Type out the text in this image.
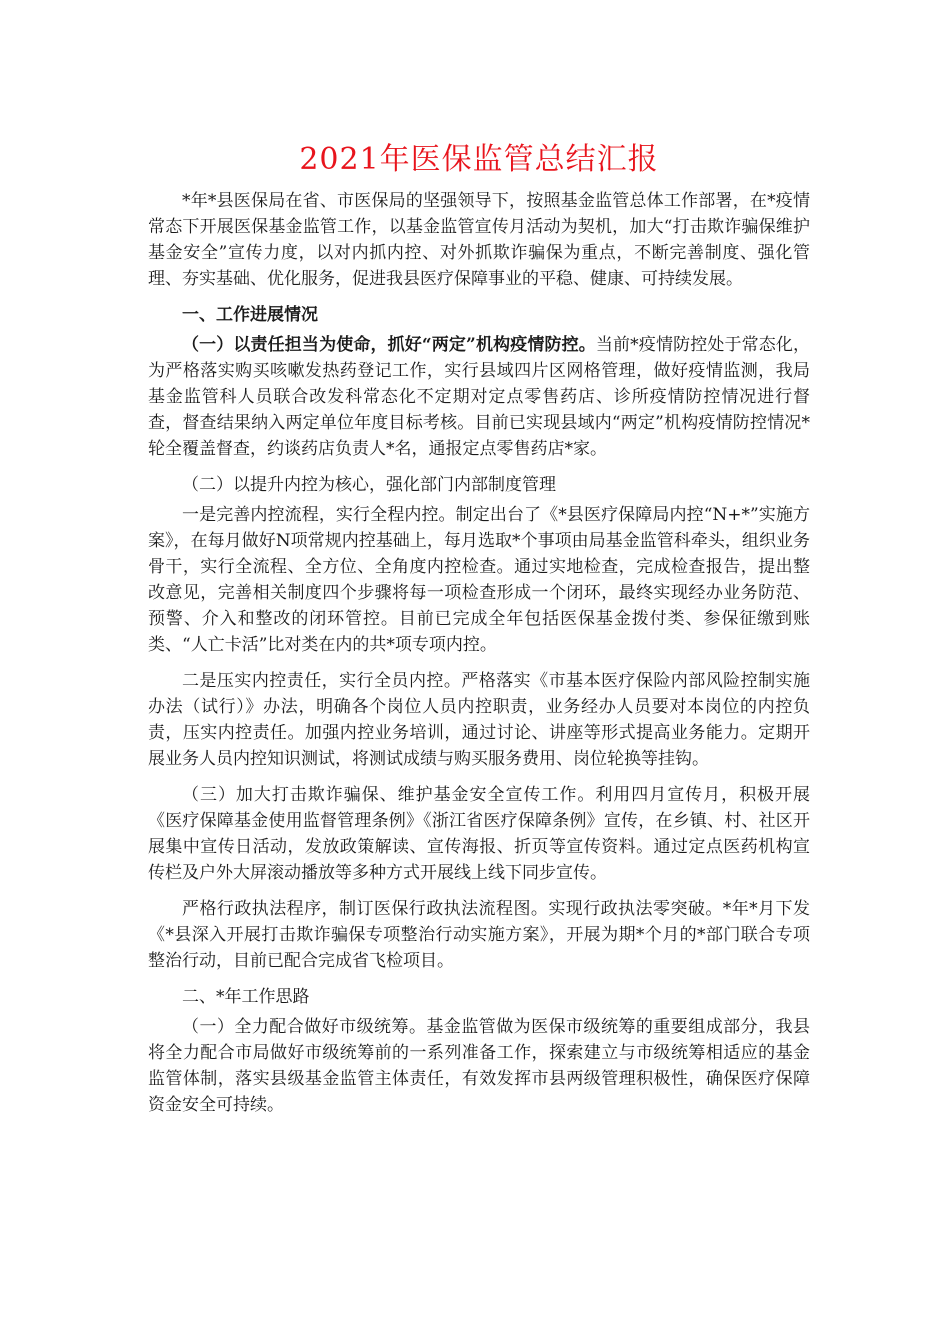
2021年医保监管总结汇报

*年*县医保局在省、市医保局的坚强领导下，按照基金监管总体工作部署，在*疫情常态下开展医保基金监管工作，以基金监管宣传月活动为契机，加大“打击欺诈骗保维护基金安全”宣传力度，以对内抓内控、对外抓欺诈骗保为重点，不断完善制度、强化管理、夯实基础、优化服务，促进我县医疗保障事业的平稳、健康、可持续发展。

一、工作进展情况

（一）以责任担当为使命，抓好“两定”机构疫情防控。当前*疫情防控处于常态化，为严格落实购买咳嗽发热药登记工作，实行县域四片区网格管理，做好疫情监测，我局基金监管科人员联合改发科常态化不定期对定点零售药店、诊所疫情防控情况进行督查，督查结果纳入两定单位年度目标考核。目前已实现县域内“两定”机构疫情防控情况*轮全覆盖督查，约谈药店负责人*名，通报定点零售药店*家。

（二）以提升内控为核心，强化部门内部制度管理

一是完善内控流程，实行全程内控。制定出台了《*县医疗保障局内控“N+*”实施方案》，在每月做好N项常规内控基础上，每月选取*个事项由局基金监管科牵头，组织业务骨干，实行全流程、全方位、全角度内控检查。通过实地检查，完成检查报告，提出整改意见，完善相关制度四个步骤将每一项检查形成一个闭环，最终实现经办业务防范、预警、介入和整改的闭环管控。目前已完成全年包括医保基金拨付类、参保征缴到账类、“人亡卡活”比对类在内的共*项专项内控。

二是压实内控责任，实行全员内控。严格落实《市基本医疗保险内部风险控制实施办法（试行）》办法，明确各个岗位人员内控职责，业务经办人员要对本岗位的内控负责，压实内控责任。加强内控业务培训，通过讨论、讲座等形式提高业务能力。定期开展业务人员内控知识测试，将测试成绩与购买服务费用、岗位轮换等挂钩。

（三）加大打击欺诈骗保、维护基金安全宣传工作。利用四月宣传月，积极开展《医疗保障基金使用监督管理条例》《浙江省医疗保障条例》宣传，在乡镇、村、社区开展集中宣传日活动，发放政策解读、宣传海报、折页等宣传资料。通过定点医药机构宣传栏及户外大屏滚动播放等多种方式开展线上线下同步宣传。

严格行政执法程序，制订医保行政执法流程图。实现行政执法零突破。*年*月下发《*县深入开展打击欺诈骗保专项整治行动实施方案》，开展为期*个月的*部门联合专项整治行动，目前已配合完成省飞检项目。

二、*年工作思路

（一）全力配合做好市级统筹。基金监管做为医保市级统筹的重要组成部分，我县将全力配合市局做好市级统筹前的一系列准备工作，探索建立与市级统筹相适应的基金监管体制，落实县级基金监管主体责任，有效发挥市县两级管理积极性，确保医疗保障资金安全可持续。
